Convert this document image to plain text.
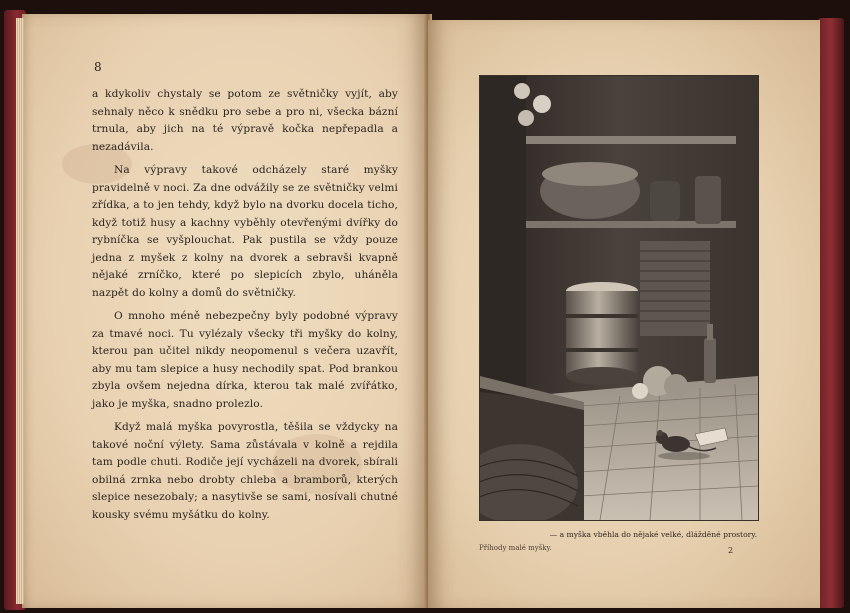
8

a kdykoliv chystaly se potom ze světničky vyjít, aby sehnaly něco k snědku pro sebe a pro ni, všecka bázní trnula, aby jich na té výpravě kočka nepřepadla a nezadávila.

Na výpravy takové odcházely staré myšky pravidelně v noci. Za dne odvážily se ze světničky velmi zřídka, a to jen tehdy, když bylo na dvorku docela ticho, když totiž husy a kachny vyběhly otevřenými dvířky do rybníčka se vyšplouchat. Pak pustila se vždy pouze jedna z myšek z kolny na dvorek a sebravši kvapně nějaké zrníčko, které po slepicích zbylo, uháněla nazpět do kolny a domů do světničky.

O mnoho méně nebezpečny byly podobné výpravy za tmavé noci. Tu vylézaly všecky tři myšky do kolny, kterou pan učitel nikdy neopomenul s večera uzavřít, aby mu tam slepice a husy nechodily spat. Pod brankou zbyla ovšem nejedna dírka, kterou tak malé zvířátko, jako je myška, snadno prolezlo.

Když malá myška povyrostla, těšila se vždycky na takové noční výlety. Sama zůstávala v kolně a rejdila tam podle chuti. Rodiče její vycházeli na dvorek, sbírali obilná zrnka nebo drobty chleba a bramborů, kterých slepice nesezobaly; a nasytivše se sami, nosívali chutné kousky svému myšátku do kolny.

— a myška vběhla do nějaké velké, dlážděné prostory.
Příhody malé myšky.	2
